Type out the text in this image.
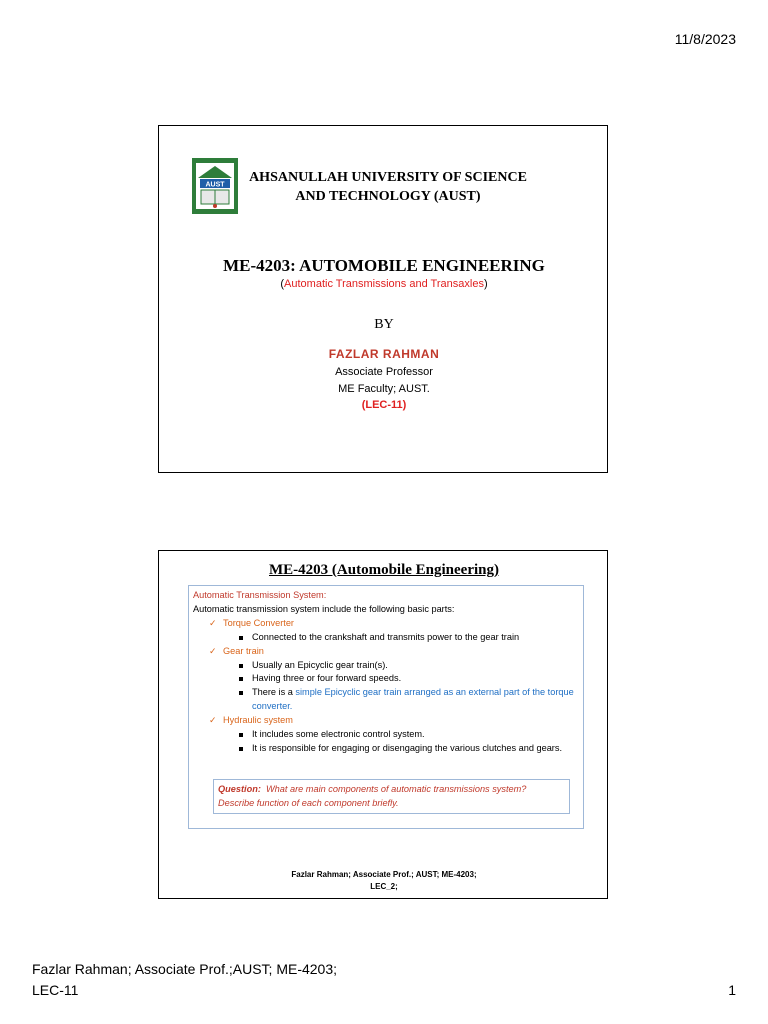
11/8/2023
AUST	AHSANULLAH UNIVERSITY OF SCIENCE
AND TECHNOLOGY (AUST)
ME-4203: AUTOMOBILE ENGINEERING
(Automatic Transmissions and Transaxles)
BY
FAZLAR RAHMAN
Associate Professor
ME Faculty; AUST.
(LEC-11)
ME-4203 (Automobile Engineering)

Automatic Transmission System:

Automatic transmission system include the following basic parts:

✓ Torque Converter
Connected to the crankshaft and transmits power to the gear train
✓ Gear train
Usually an Epicyclic gear train(s).
Having three or four forward speeds.
There is a simple Epicyclic gear train arranged as an external part of the torque converter.
✓ Hydraulic system
It includes some electronic control system.
It is responsible for engaging or disengaging the various clutches and gears.
Question: What are main components of automatic transmissions system? Describe function of each component briefly.
Fazlar Rahman; Associate Prof.; AUST; ME-4203;
LEC_2;
Fazlar Rahman; Associate Prof.;AUST; ME-4203;
LEC-11	1
